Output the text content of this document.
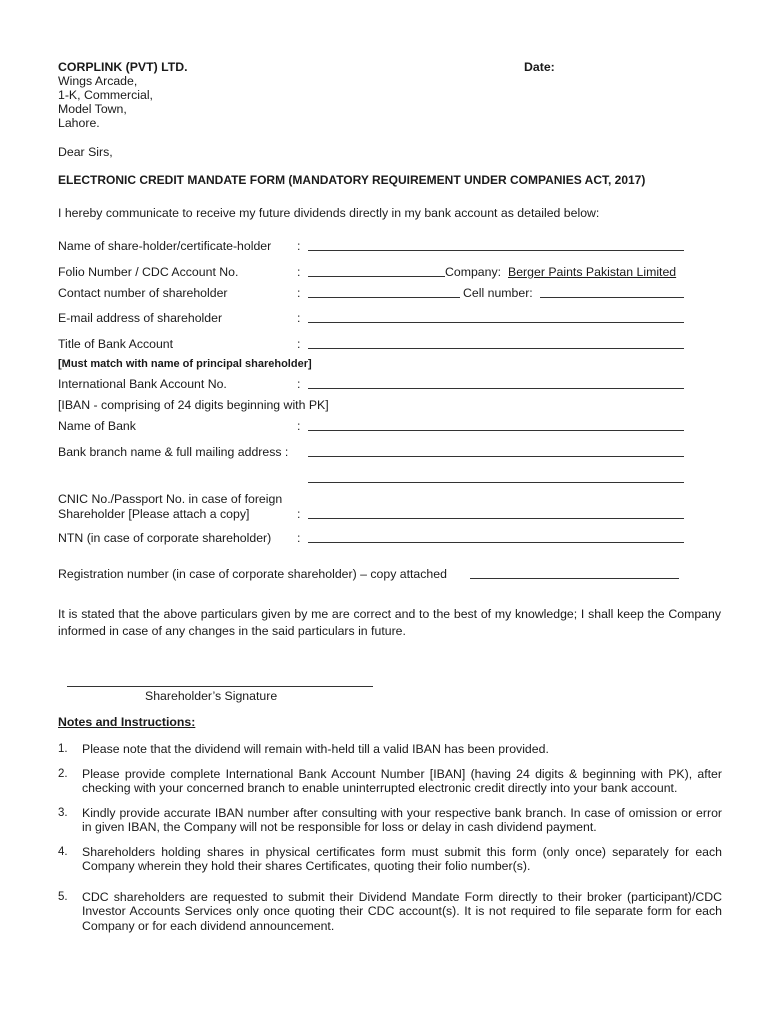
CORPLINK (PVT) LTD.
Wings Arcade,
1-K, Commercial,
Model Town,
Lahore.
Date:
Dear Sirs,
ELECTRONIC CREDIT MANDATE FORM (MANDATORY REQUIREMENT UNDER COMPANIES ACT, 2017)
I hereby communicate to receive my future dividends directly in my bank account as detailed below:
Name of share-holder/certificate-holder :
Folio Number / CDC Account No.	:	Company: Berger Paints Pakistan Limited
Contact number of shareholder	:	Cell number:
E-mail address of shareholder	:
Title of Bank Account	:
[Must match with name of principal shareholder]
International Bank Account No.	:
[IBAN - comprising of 24 digits beginning with PK]
Name of Bank	:
Bank branch name & full mailing address :
CNIC No./Passport No. in case of foreign
Shareholder [Please attach a copy]	:
NTN (in case of corporate shareholder) :
Registration number (in case of corporate shareholder) – copy attached
It is stated that the above particulars given by me are correct and to the best of my knowledge; I shall keep the Company informed in case of any changes in the said particulars in future.
Shareholder’s Signature
Notes and Instructions:
1. Please note that the dividend will remain with-held till a valid IBAN has been provided.
2. Please provide complete International Bank Account Number [IBAN] (having 24 digits & beginning with PK), after checking with your concerned branch to enable uninterrupted electronic credit directly into your bank account.
3. Kindly provide accurate IBAN number after consulting with your respective bank branch. In case of omission or error in given IBAN, the Company will not be responsible for loss or delay in cash dividend payment.
4. Shareholders holding shares in physical certificates form must submit this form (only once) separately for each Company wherein they hold their shares Certificates, quoting their folio number(s).
5. CDC shareholders are requested to submit their Dividend Mandate Form directly to their broker (participant)/CDC Investor Accounts Services only once quoting their CDC account(s). It is not required to file separate form for each Company or for each dividend announcement.
